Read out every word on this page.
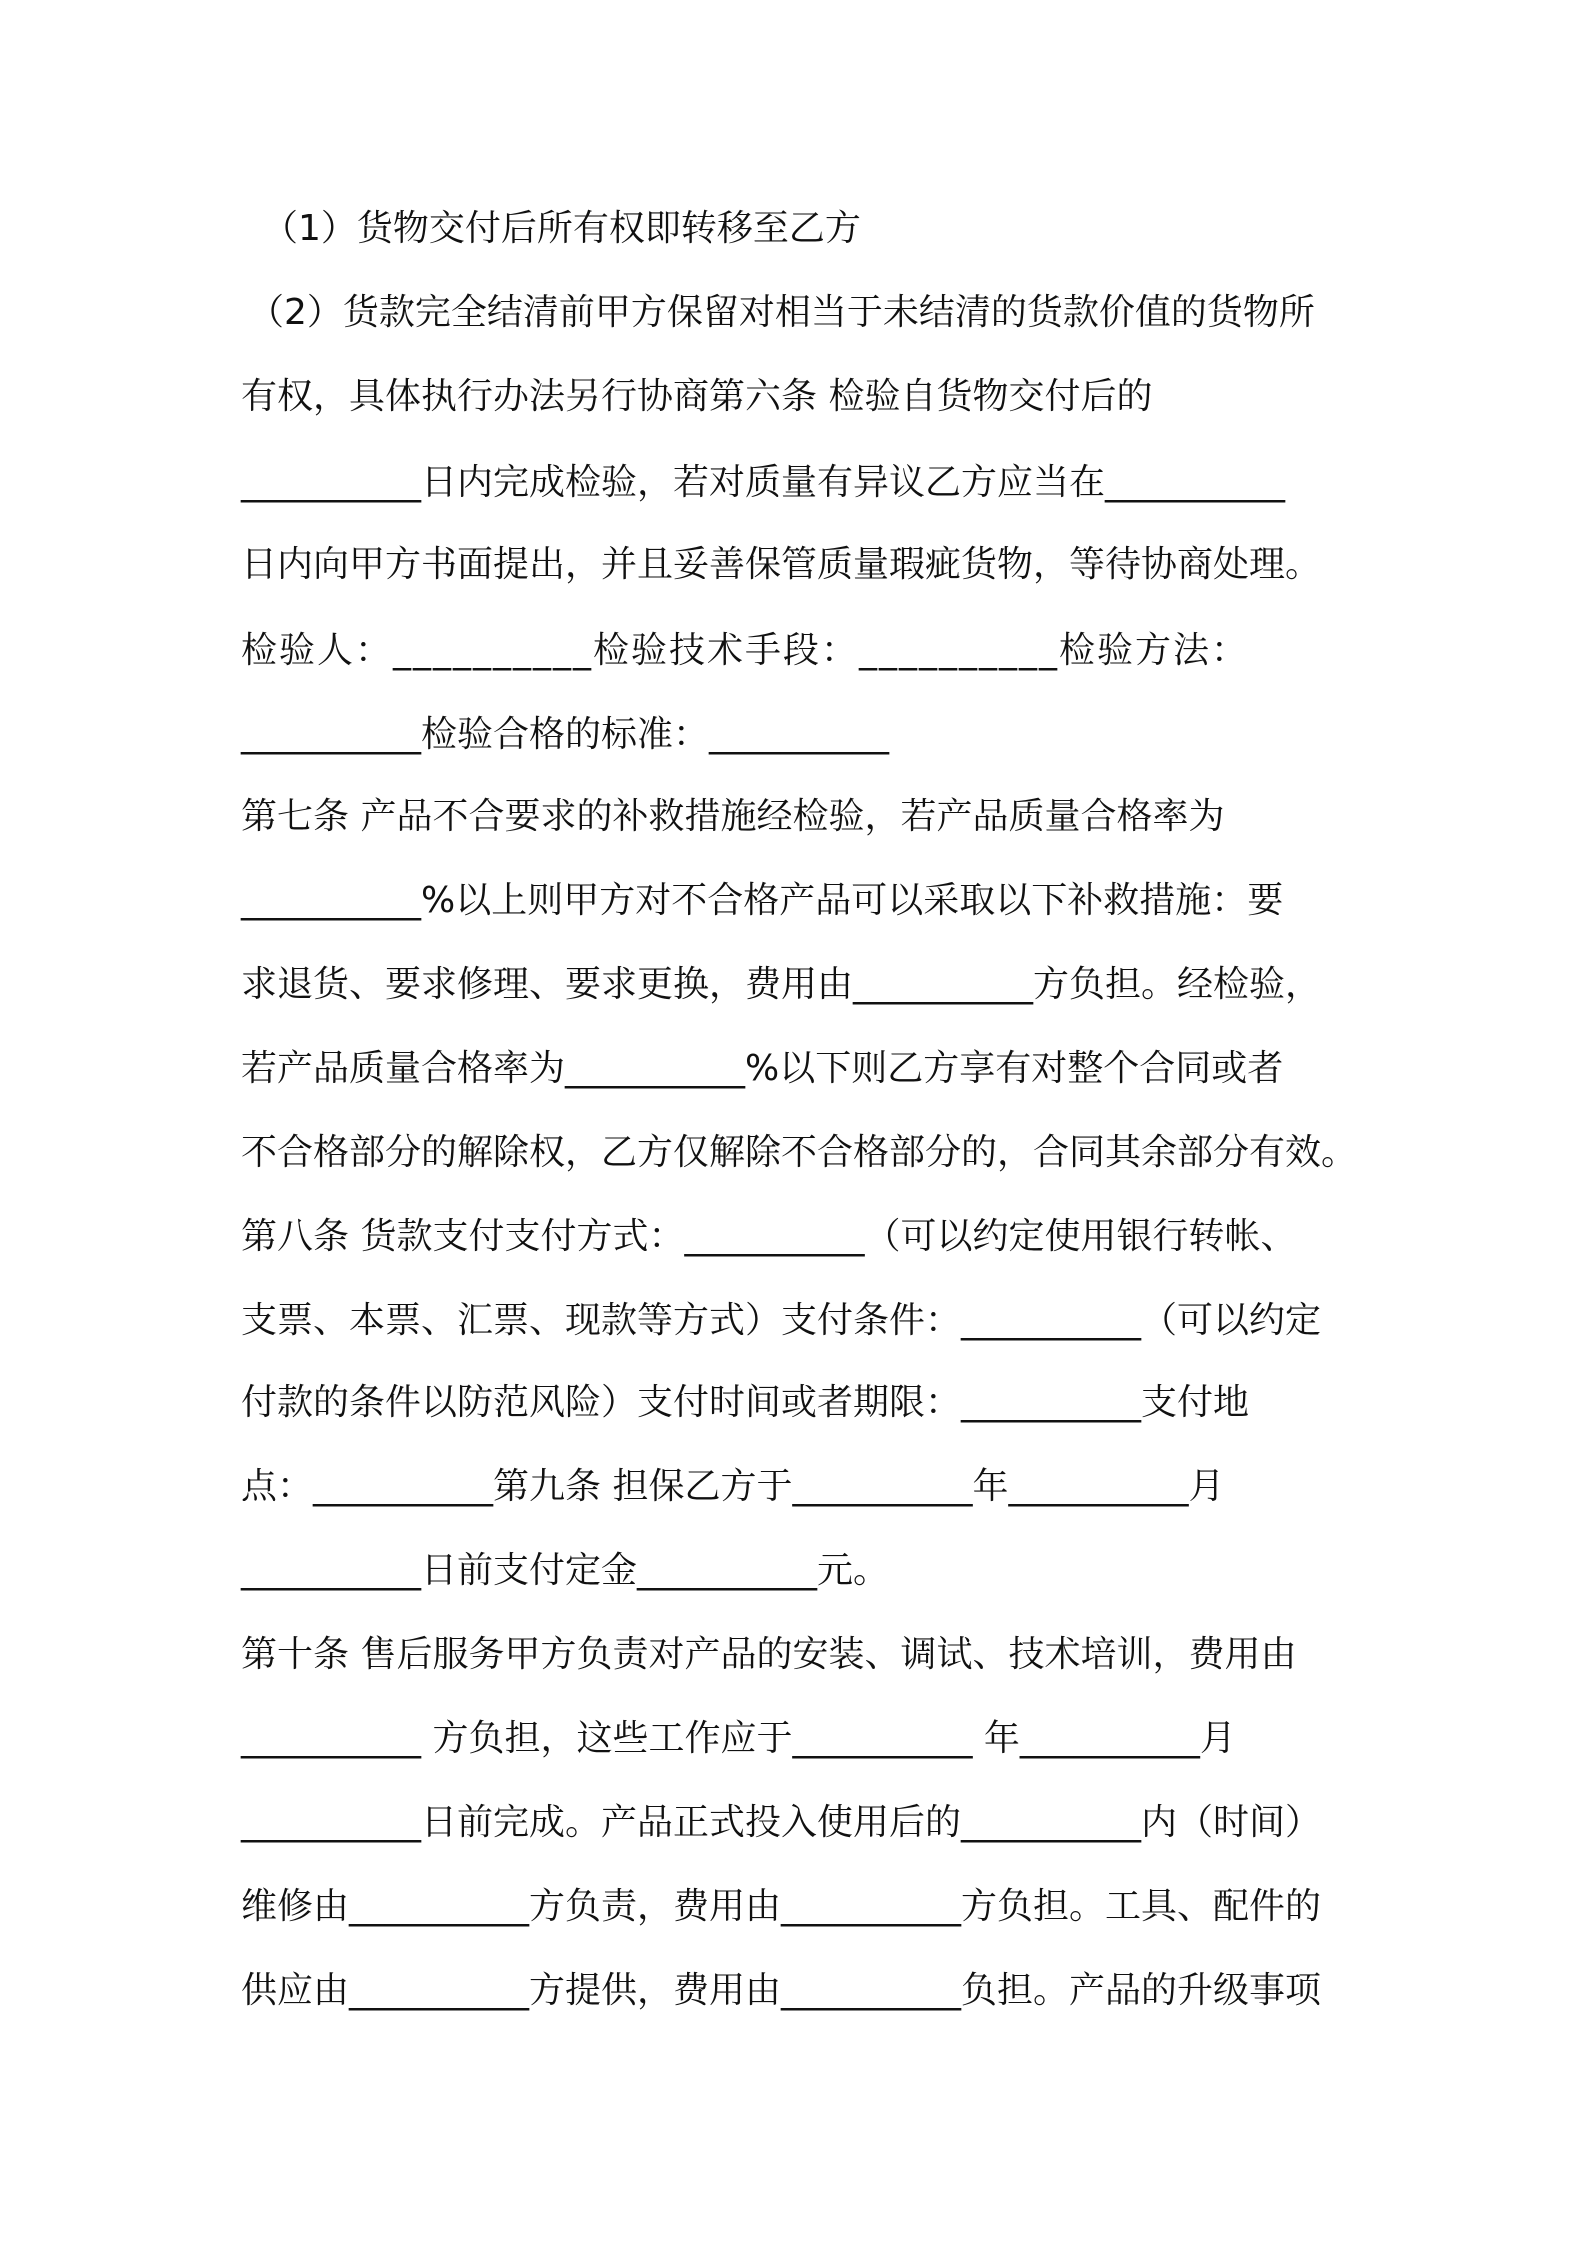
（1）货物交付后所有权即转移至乙方

（2）货款完全结清前甲方保留对相当于未结清的货款价值的货物所

有权，具体执行办法另行协商第六条 检验自货物交付后的

__________日内完成检验，若对质量有异议乙方应当在__________

日内向甲方书面提出，并且妥善保管质量瑕疵货物，等待协商处理。

检验人：__________检验技术手段：__________检验方法：

__________检验合格的标准：__________

第七条 产品不合要求的补救措施经检验，若产品质量合格率为

__________%以上则甲方对不合格产品可以采取以下补救措施：要

求退货、要求修理、要求更换，费用由__________方负担。经检验，

若产品质量合格率为__________%以下则乙方享有对整个合同或者

不合格部分的解除权，乙方仅解除不合格部分的，合同其余部分有效。

第八条 货款支付支付方式：__________（可以约定使用银行转帐、

支票、本票、汇票、现款等方式）支付条件：__________（可以约定

付款的条件以防范风险）支付时间或者期限：__________支付地

点：__________第九条 担保乙方于__________年__________月

__________日前支付定金__________元。

第十条 售后服务甲方负责对产品的安装、调试、技术培训，费用由

__________ 方负担，这些工作应于__________ 年__________月

__________日前完成。产品正式投入使用后的__________内（时间）

维修由__________方负责，费用由__________方负担。工具、配件的

供应由__________方提供，费用由__________负担。产品的升级事项
